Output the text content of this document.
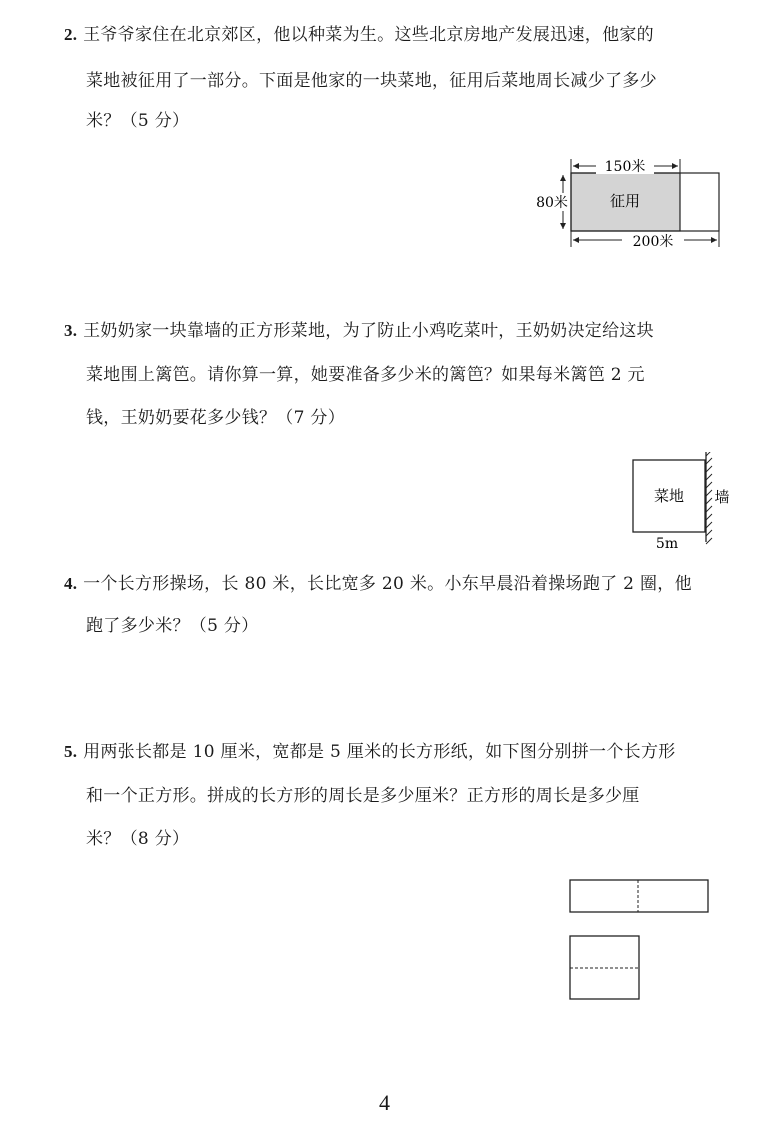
2. 王爷爷家住在北京郊区，他以种菜为生。这些北京房地产发展迅速，他家的
菜地被征用了一部分。下面是他家的一块菜地，征用后菜地周长减少了多少
米？（5 分）
征用
150米
80米
200米
3. 王奶奶家一块靠墙的正方形菜地，为了防止小鸡吃菜叶，王奶奶决定给这块
菜地围上篱笆。请你算一算，她要准备多少米的篱笆？如果每米篱笆 2 元
钱，王奶奶要花多少钱？（7 分）
菜地 墙
5m
4. 一个长方形操场，长 80 米，长比宽多 20 米。小东早晨沿着操场跑了 2 圈，他
跑了多少米？（5 分）
5. 用两张长都是 10 厘米，宽都是 5 厘米的长方形纸，如下图分别拼一个长方形
和一个正方形。拼成的长方形的周长是多少厘米？正方形的周长是多少厘
米？（8 分）
4
